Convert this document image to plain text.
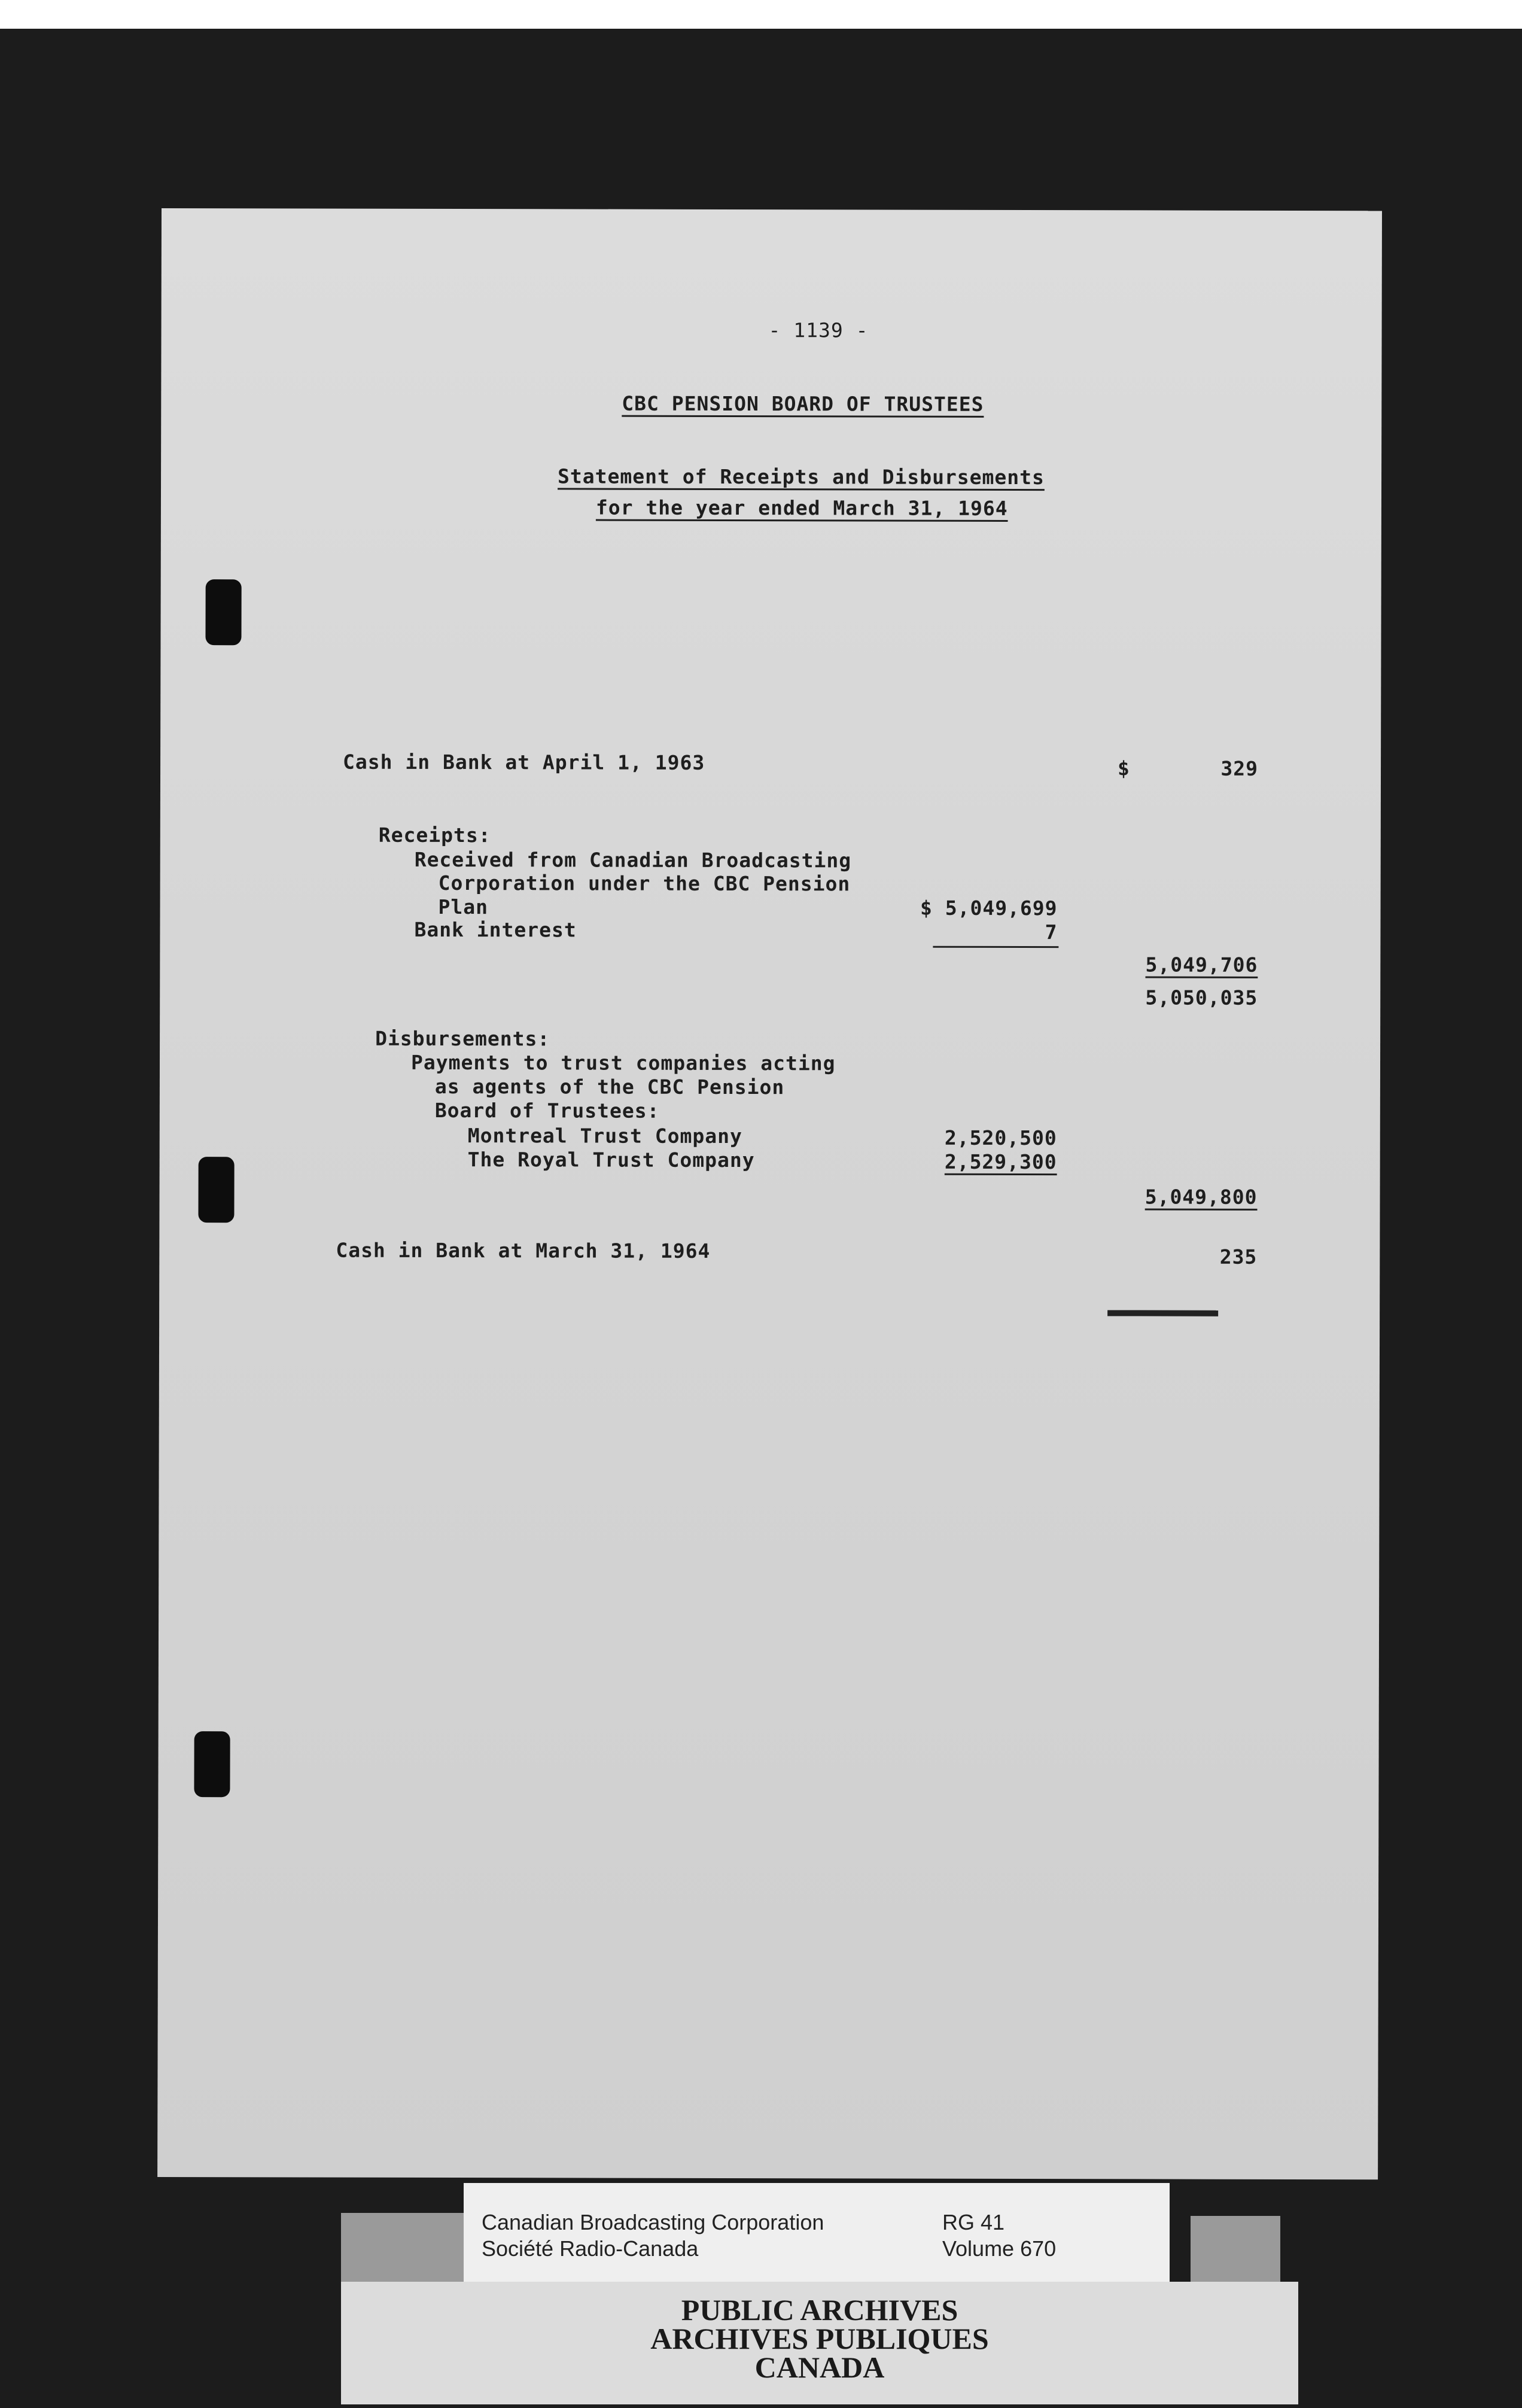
- 1139 -
CBC PENSION BOARD OF TRUSTEES
Statement of Receipts and Disbursements
for the year ended March 31, 1964
Cash in Bank at April 1, 1963	$	329
Receipts:
Received from Canadian Broadcasting
Corporation under the CBC Pension
Plan	$ 5,049,699
Bank interest	7
5,049,706
5,050,035
Disbursements:
Payments to trust companies acting
as agents of the CBC Pension
Board of Trustees:
Montreal Trust Company	2,520,500
The Royal Trust Company	2,529,300
5,049,800
Cash in Bank at March 31, 1964	235
Canadian Broadcasting Corporation
Société Radio-Canada
RG 41
Volume 670
PUBLIC ARCHIVES
ARCHIVES PUBLIQUES
CANADA
